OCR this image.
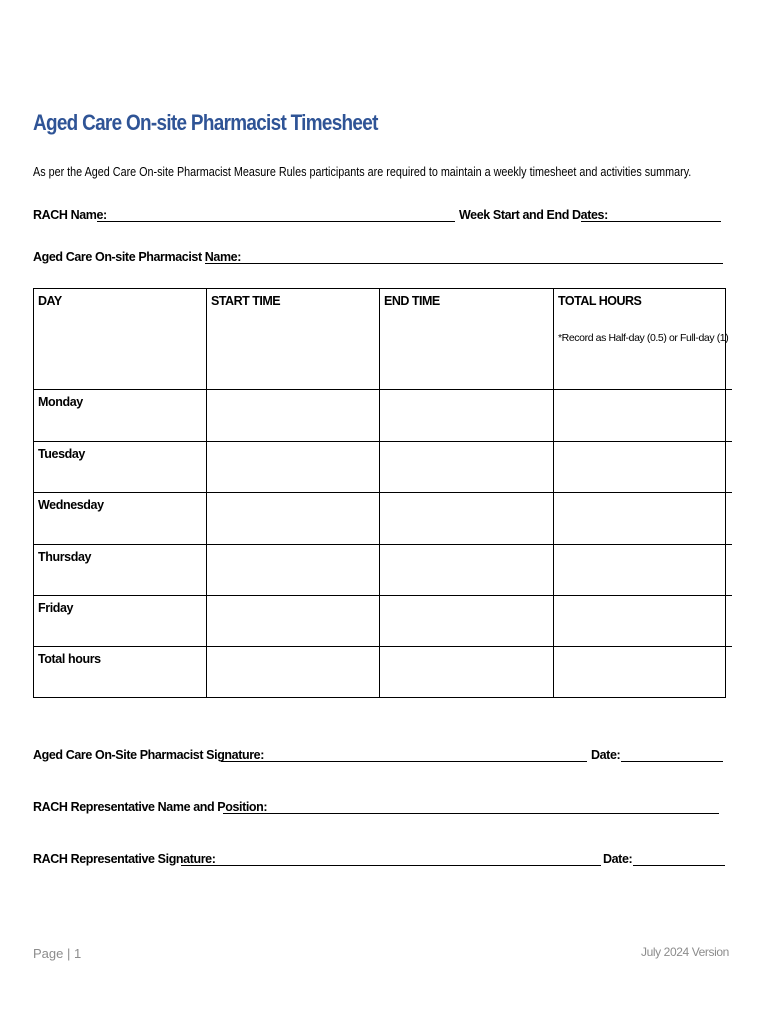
Aged Care On-site Pharmacist Timesheet
As per the Aged Care On-site Pharmacist Measure Rules participants are required to maintain a weekly timesheet and activities summary.
RACH Name:	Week Start and End Dates:
Aged Care On-site Pharmacist Name:
DAY	START TIME	END TIME	TOTAL HOURS
*Record as Half-day (0.5) or Full-day (1)
Monday
Tuesday
Wednesday
Thursday
Friday
Total hours
Aged Care On-Site Pharmacist Signature:	Date:
RACH Representative Name and Position:
RACH Representative Signature:	Date:
Page | 1	July 2024 Version
